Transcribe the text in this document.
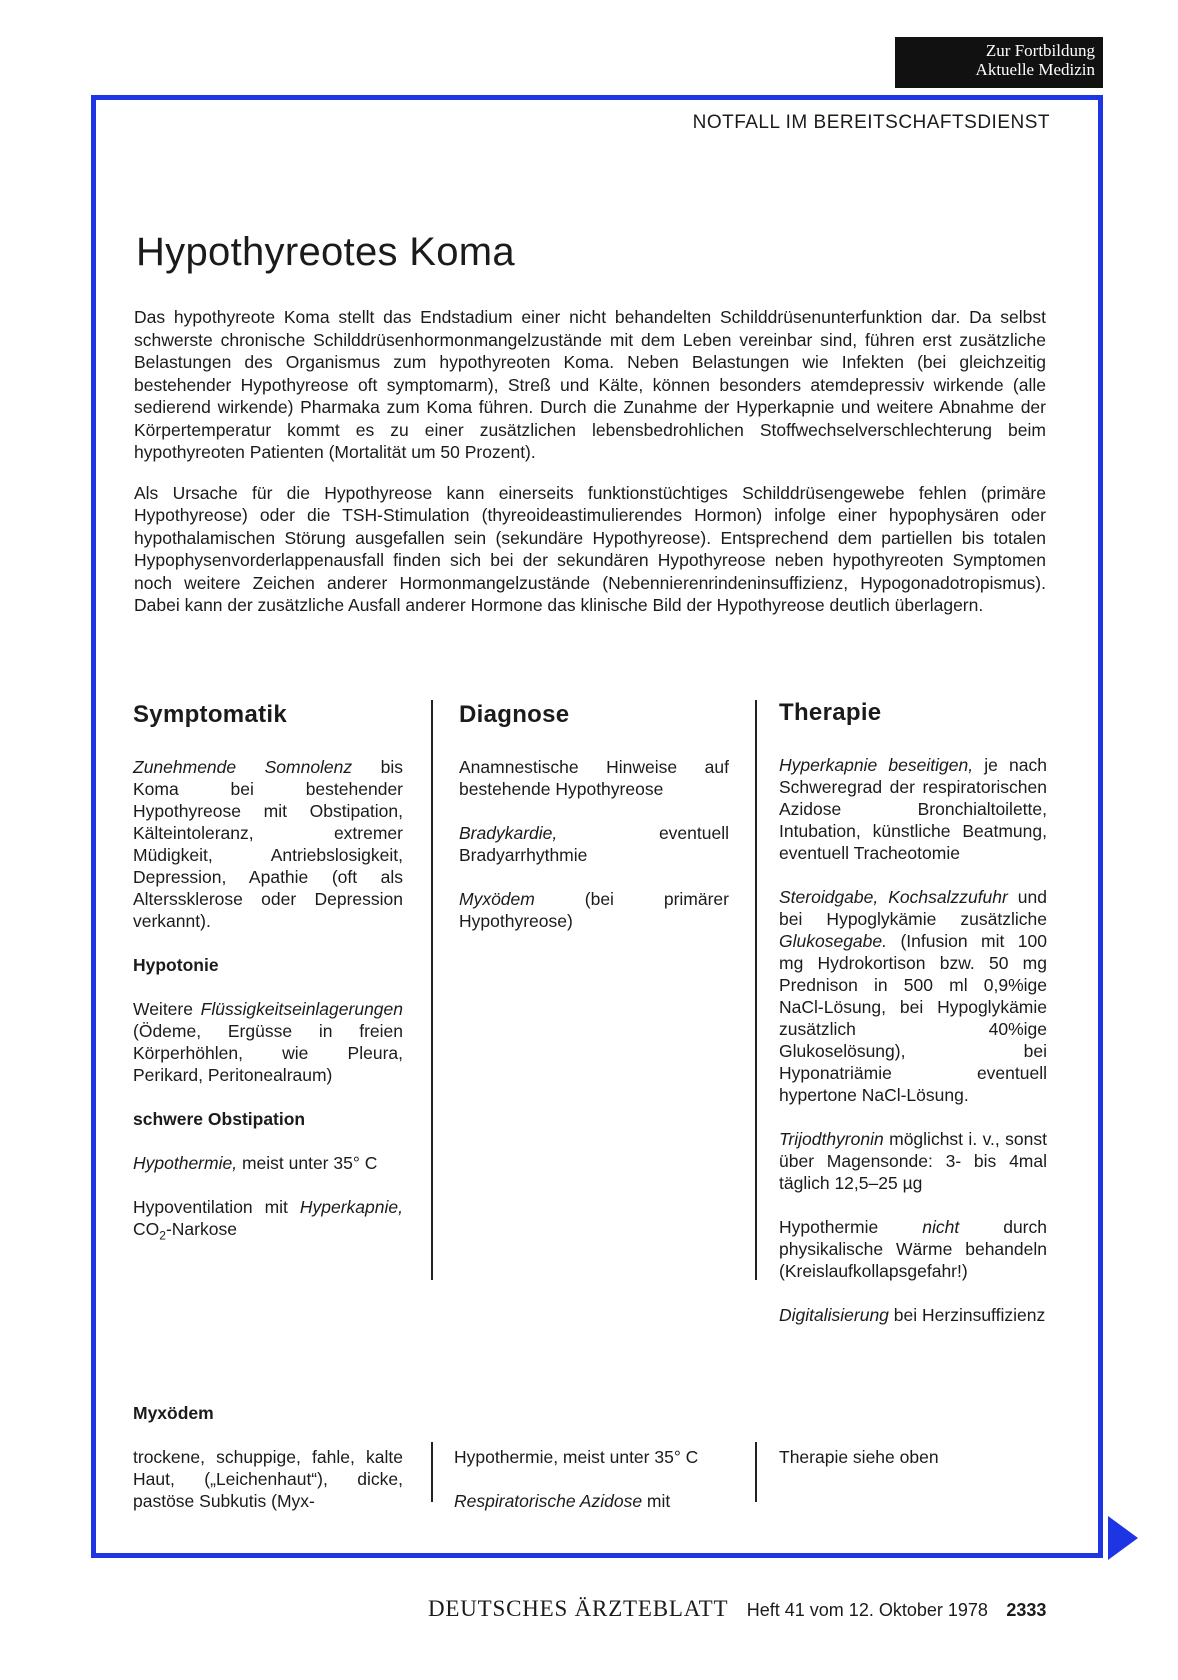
Zur Fortbildung
Aktuelle Medizin
NOTFALL IM BEREITSCHAFTSDIENST
Hypothyreotes Koma

Das hypothyreote Koma stellt das Endstadium einer nicht behandelten Schilddrüsenunterfunktion dar. Da selbst schwerste chronische Schilddrüsenhormonmangelzustände mit dem Leben vereinbar sind, führen erst zusätzliche Belastungen des Organismus zum hypothyreoten Koma. Neben Belastungen wie Infekten (bei gleichzeitig bestehender Hypothyreose oft symptomarm), Streß und Kälte, können besonders atemdepressiv wirkende (alle sedierend wirkende) Pharmaka zum Koma führen. Durch die Zunahme der Hyperkapnie und weitere Abnahme der Körpertemperatur kommt es zu einer zusätzlichen lebensbedrohlichen Stoffwechselverschlechterung beim hypothyreoten Patienten (Mortalität um 50 Prozent).

Als Ursache für die Hypothyreose kann einerseits funktionstüchtiges Schilddrüsengewebe fehlen (primäre Hypothyreose) oder die TSH-Stimulation (thyreoideastimulierendes Hormon) infolge einer hypophysären oder hypothalamischen Störung ausgefallen sein (sekundäre Hypothyreose). Entsprechend dem partiellen bis totalen Hypophysenvorderlappenausfall finden sich bei der sekundären Hypothyreose neben hypothyreoten Symptomen noch weitere Zeichen anderer Hormonmangelzustände (Nebennierenrindeninsuffizienz, Hypogonadotropismus). Dabei kann der zusätzliche Ausfall anderer Hormone das klinische Bild der Hypothyreose deutlich überlagern.

Symptomatik

Zunehmende Somnolenz bis Koma bei bestehender Hypothyreose mit Obstipation, Kälteintoleranz, extremer Müdigkeit, Antriebslosigkeit, Depression, Apathie (oft als Alterssklerose oder Depression verkannt).

Hypotonie

Weitere Flüssigkeitseinlagerungen (Ödeme, Ergüsse in freien Körperhöhlen, wie Pleura, Perikard, Peritonealraum)

schwere Obstipation

Hypothermie, meist unter 35° C

Hypoventilation mit Hyperkapnie, $CO_2$-Narkose

Myxödem
trockene, schuppige, fahle, kalte Haut, („Leichenhaut“), dicke, pastöse Subkutis (Myx-
Diagnose

Anamnestische Hinweise auf bestehende Hypothyreose

Bradykardie, eventuell Bradyarrhythmie

Myxödem (bei primärer Hypothyreose)

Hypothermie, meist unter 35° C
Respiratorische Azidose mit
Therapie

Hyperkapnie beseitigen, je nach Schweregrad der respiratorischen Azidose Bronchialtoilette, Intubation, künstliche Beatmung, eventuell Tracheotomie

Steroidgabe, Kochsalzzufuhr und bei Hypoglykämie zusätzliche Glukosegabe. (Infusion mit 100 mg Hydrokortison bzw. 50 mg Prednison in 500 ml 0,9%ige NaCl-Lösung, bei Hypoglykämie zusätzlich 40%ige Glukoselösung), bei Hyponatriämie eventuell hypertone NaCl-Lösung.

Trijodthyronin möglichst i. v., sonst über Magensonde: 3- bis 4mal täglich 12,5–25 µg

Hypothermie nicht durch physikalische Wärme behandeln (Kreislaufkollapsgefahr!)

Digitalisierung bei Herzinsuffizienz

Therapie siehe oben
DEUTSCHES ÄRZTEBLATT Heft 41 vom 12. Oktober 1978 2333
